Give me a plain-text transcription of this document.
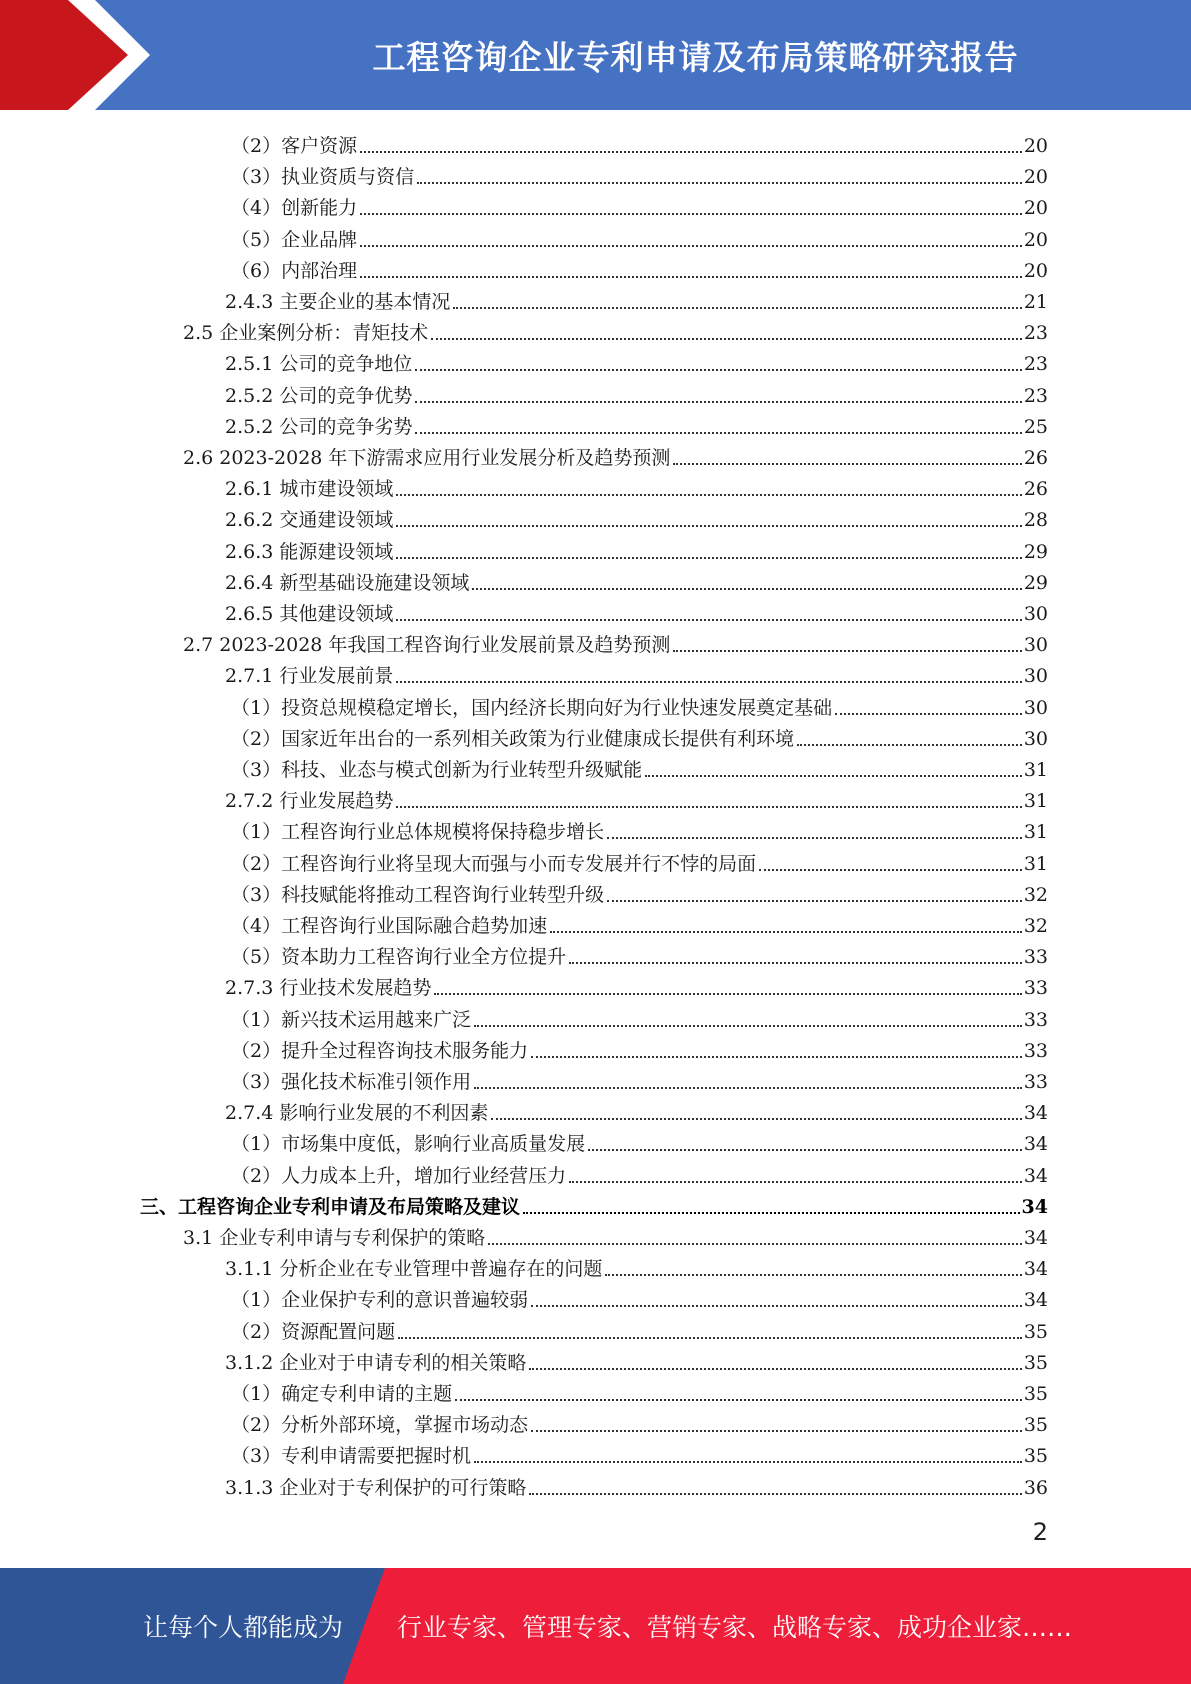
工程咨询企业专利申请及布局策略研究报告
（2）客户资源	20
（3）执业资质与资信	20
（4）创新能力	20
（5）企业品牌	20
（6）内部治理	20
2.4.3 主要企业的基本情况	21
2.5 企业案例分析：青矩技术	23
2.5.1 公司的竞争地位	23
2.5.2 公司的竞争优势	23
2.5.2 公司的竞争劣势	25
2.6 2023-2028 年下游需求应用行业发展分析及趋势预测	26
2.6.1 城市建设领域	26
2.6.2 交通建设领域	28
2.6.3 能源建设领域	29
2.6.4 新型基础设施建设领域	29
2.6.5 其他建设领域	30
2.7 2023-2028 年我国工程咨询行业发展前景及趋势预测	30
2.7.1 行业发展前景	30
（1）投资总规模稳定增长，国内经济长期向好为行业快速发展奠定基础	30
（2）国家近年出台的一系列相关政策为行业健康成长提供有利环境	30
（3）科技、业态与模式创新为行业转型升级赋能	31
2.7.2 行业发展趋势	31
（1）工程咨询行业总体规模将保持稳步增长	31
（2）工程咨询行业将呈现大而强与小而专发展并行不悖的局面	31
（3）科技赋能将推动工程咨询行业转型升级	32
（4）工程咨询行业国际融合趋势加速	32
（5）资本助力工程咨询行业全方位提升	33
2.7.3 行业技术发展趋势	33
（1）新兴技术运用越来广泛	33
（2）提升全过程咨询技术服务能力	33
（3）强化技术标准引领作用	33
2.7.4 影响行业发展的不利因素	34
（1）市场集中度低，影响行业高质量发展	34
（2）人力成本上升，增加行业经营压力	34
三、工程咨询企业专利申请及布局策略及建议	34
3.1 企业专利申请与专利保护的策略	34
3.1.1 分析企业在专业管理中普遍存在的问题	34
（1）企业保护专利的意识普遍较弱	34
（2）资源配置问题	35
3.1.2 企业对于申请专利的相关策略	35
（1）确定专利申请的主题	35
（2）分析外部环境，掌握市场动态	35
（3）专利申请需要把握时机	35
3.1.3 企业对于专利保护的可行策略	36
2
让每个人都能成为 行业专家、管理专家、营销专家、战略专家、成功企业家……
